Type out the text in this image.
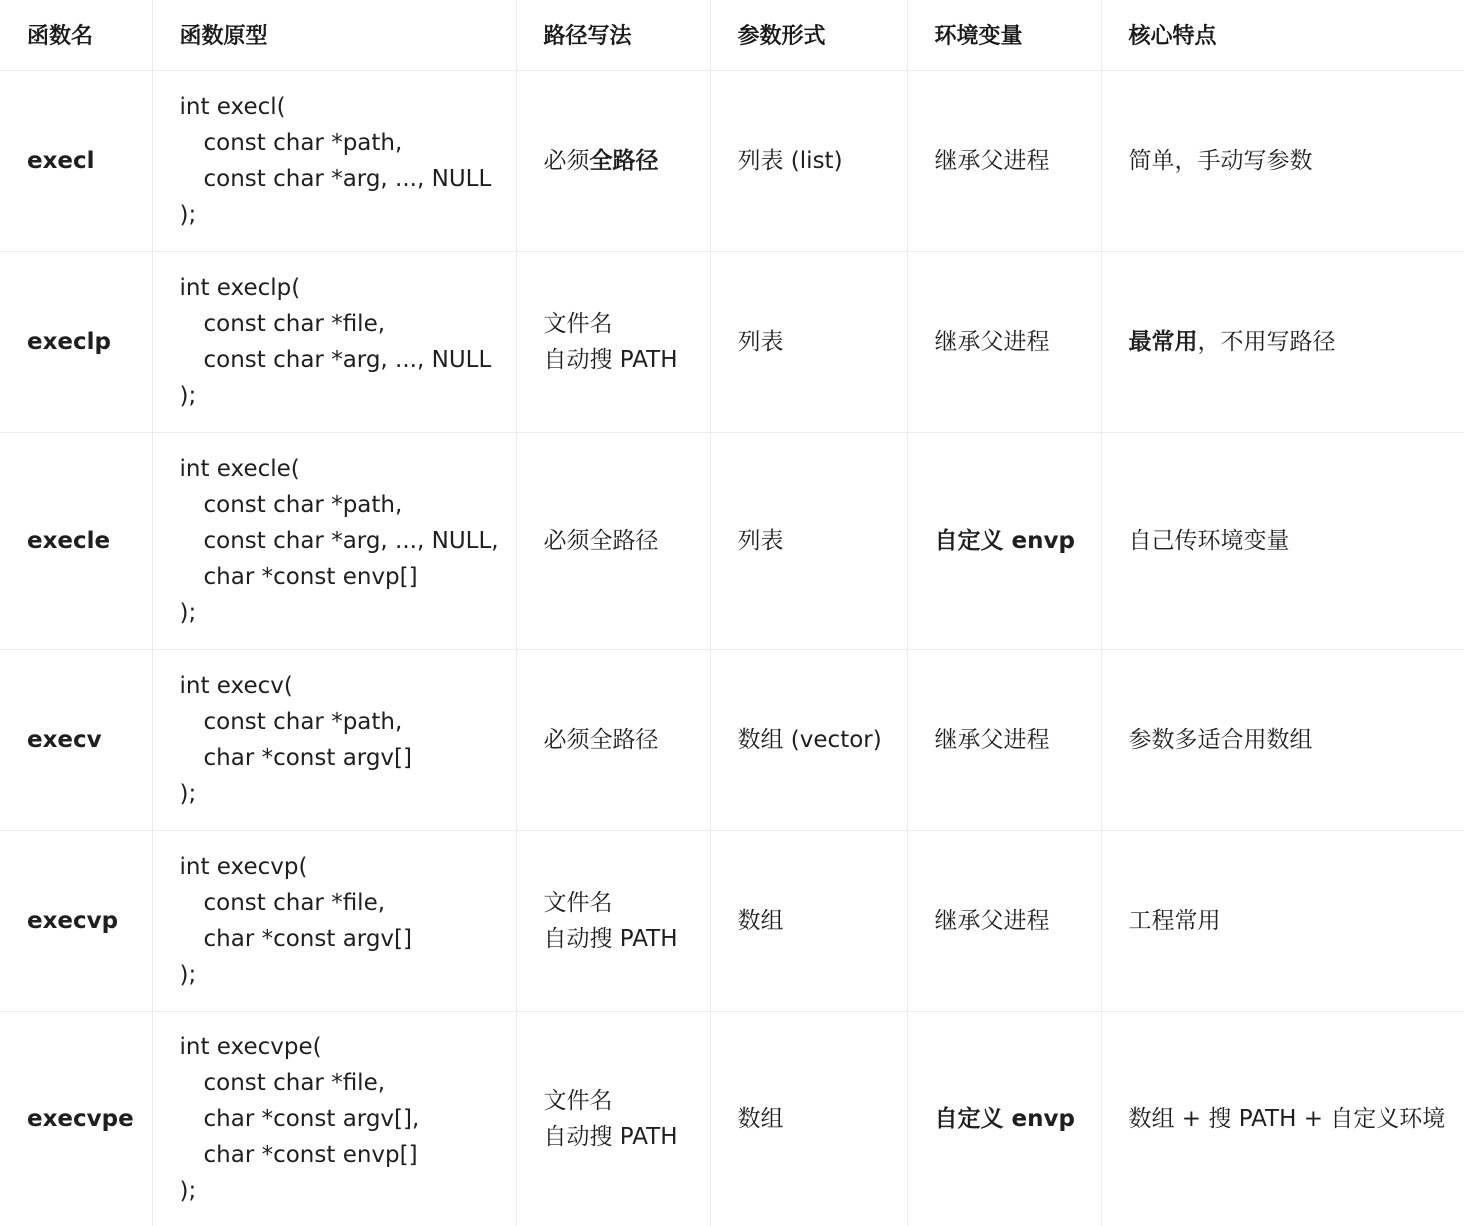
函数名	函数原型	路径写法	参数形式	环境变量	核心特点
execl	int execl(
const char *path,
const char *arg, ..., NULL
);	必须全路径	列表 (list)	继承父进程	简单，手动写参数
execlp	int execlp(
const char *file,
const char *arg, ..., NULL
);	文件名
自动搜 PATH	列表	继承父进程	最常用，不用写路径
execle	int execle(
const char *path,
const char *arg, ..., NULL,
char *const envp[]
);	必须全路径	列表	自定义 envp	自己传环境变量
execv	int execv(
const char *path,
char *const argv[]
);	必须全路径	数组 (vector)	继承父进程	参数多适合用数组
execvp	int execvp(
const char *file,
char *const argv[]
);	文件名
自动搜 PATH	数组	继承父进程	工程常用
execvpe	int execvpe(
const char *file,
char *const argv[],
char *const envp[]
);	文件名
自动搜 PATH	数组	自定义 envp	数组 + 搜 PATH + 自定义环境
